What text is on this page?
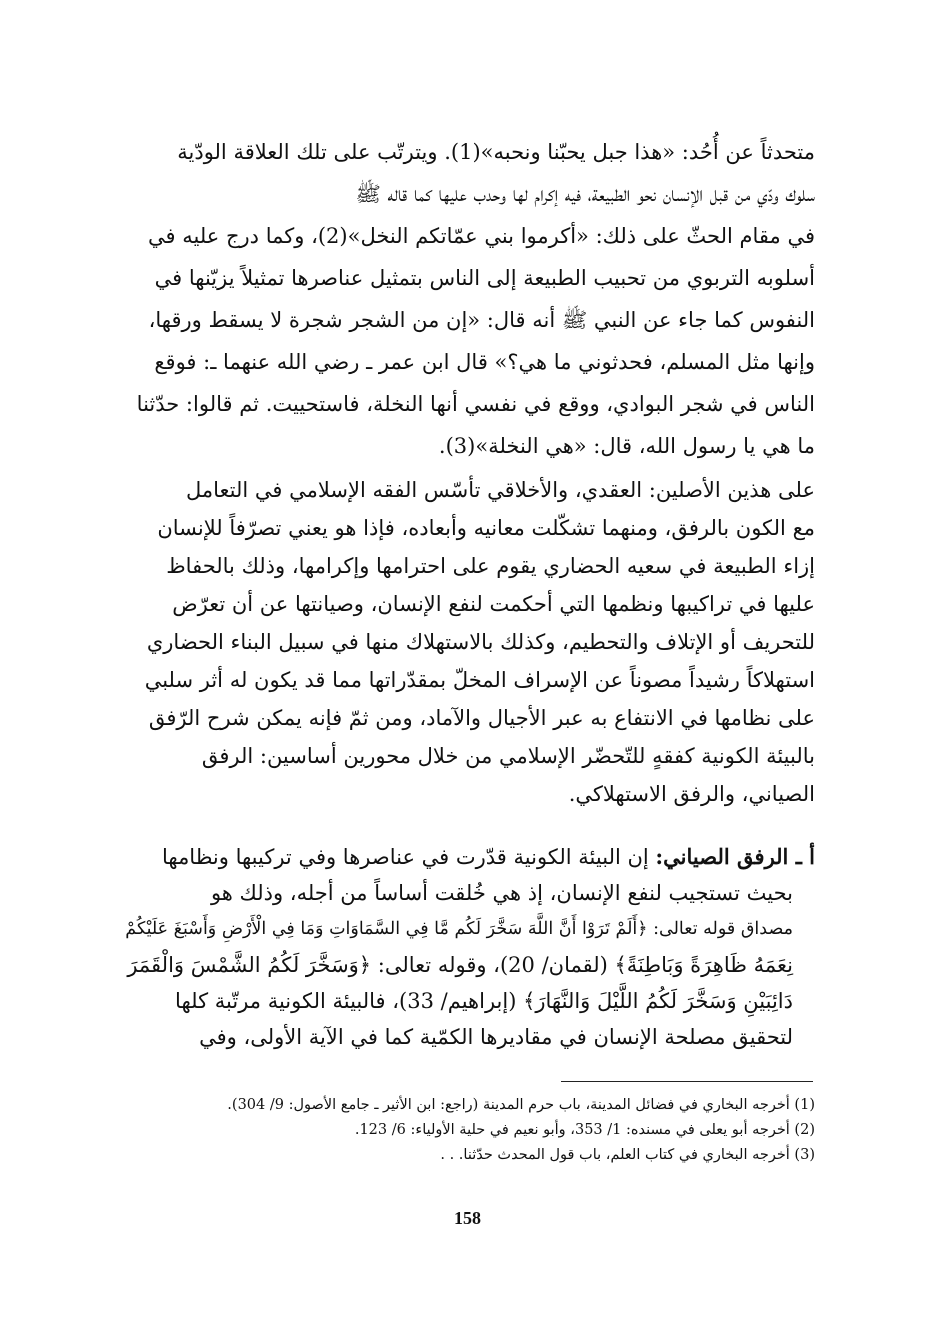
متحدثاً عن أُحُد: «هذا جبل يحبّنا ونحبه»(1). ويترتّب على تلك العلاقة الودّية
سلوك ودّي من قبل الإنسان نحو الطبيعة، فيه إكرام لها وحدب عليها كما قاله ﷺ
في مقام الحثّ على ذلك: «أكرموا بني عمّاتكم النخل»(2)، وكما درج عليه في
أسلوبه التربوي من تحبيب الطبيعة إلى الناس بتمثيل عناصرها تمثيلاً يزيّنها في
النفوس كما جاء عن النبي ﷺ أنه قال: «إن من الشجر شجرة لا يسقط ورقها،
وإنها مثل المسلم، فحدثوني ما هي؟» قال ابن عمر ـ رضي الله عنهما ـ: فوقع
الناس في شجر البوادي، ووقع في نفسي أنها النخلة، فاستحييت. ثم قالوا: حدّثنا
ما هي يا رسول الله، قال: «هي النخلة»(3).
على هذين الأصلين: العقدي، والأخلاقي تأسّس الفقه الإسلامي في التعامل
مع الكون بالرفق، ومنهما تشكّلت معانيه وأبعاده، فإذا هو يعني تصرّفاً للإنسان
إزاء الطبيعة في سعيه الحضاري يقوم على احترامها وإكرامها، وذلك بالحفاظ
عليها في تراكيبها ونظمها التي أحكمت لنفع الإنسان، وصيانتها عن أن تعرّض
للتحريف أو الإتلاف والتحطيم، وكذلك بالاستهلاك منها في سبيل البناء الحضاري
استهلاكاً رشيداً مصوناً عن الإسراف المخلّ بمقدّراتها مما قد يكون له أثر سلبي
على نظامها في الانتفاع به عبر الأجيال والآماد، ومن ثمّ فإنه يمكن شرح الرّفق
بالبيئة الكونية كفقهٍ للتّحضّر الإسلامي من خلال محورين أساسين: الرفق
الصياني، والرفق الاستهلاكي.
أ ـ الرفق الصياني: إن البيئة الكونية قدّرت في عناصرها وفي تركيبها ونظامها
بحيث تستجيب لنفع الإنسان، إذ هي خُلقت أساساً من أجله، وذلك هو
مصداق قوله تعالى: ﴿أَلَمْ تَرَوْا أَنَّ اللَّهَ سَخَّرَ لَكُم مَّا فِي السَّمَاوَاتِ وَمَا فِي الْأَرْضِ وَأَسْبَغَ عَلَيْكُمْ
نِعَمَهُ ظَاهِرَةً وَبَاطِنَةً﴾ (لقمان/ 20)، وقوله تعالى: ﴿وَسَخَّرَ لَكُمُ الشَّمْسَ وَالْقَمَرَ
دَائِبَيْنِ وَسَخَّرَ لَكُمُ اللَّيْلَ وَالنَّهَارَ﴾ (إبراهيم/ 33)، فالبيئة الكونية مرتّبة كلها
لتحقيق مصلحة الإنسان في مقاديرها الكمّية كما في الآية الأولى، وفي
(1) أخرجه البخاري في فضائل المدينة، باب حرم المدينة (راجع: ابن الأثير ـ جامع الأصول: 9/ 304).
(2) أخرجه أبو يعلى في مسنده: 1/ 353، وأبو نعيم في حلية الأولياء: 6/ 123.
(3) أخرجه البخاري في كتاب العلم، باب قول المحدث حدّثنا. . .
158
